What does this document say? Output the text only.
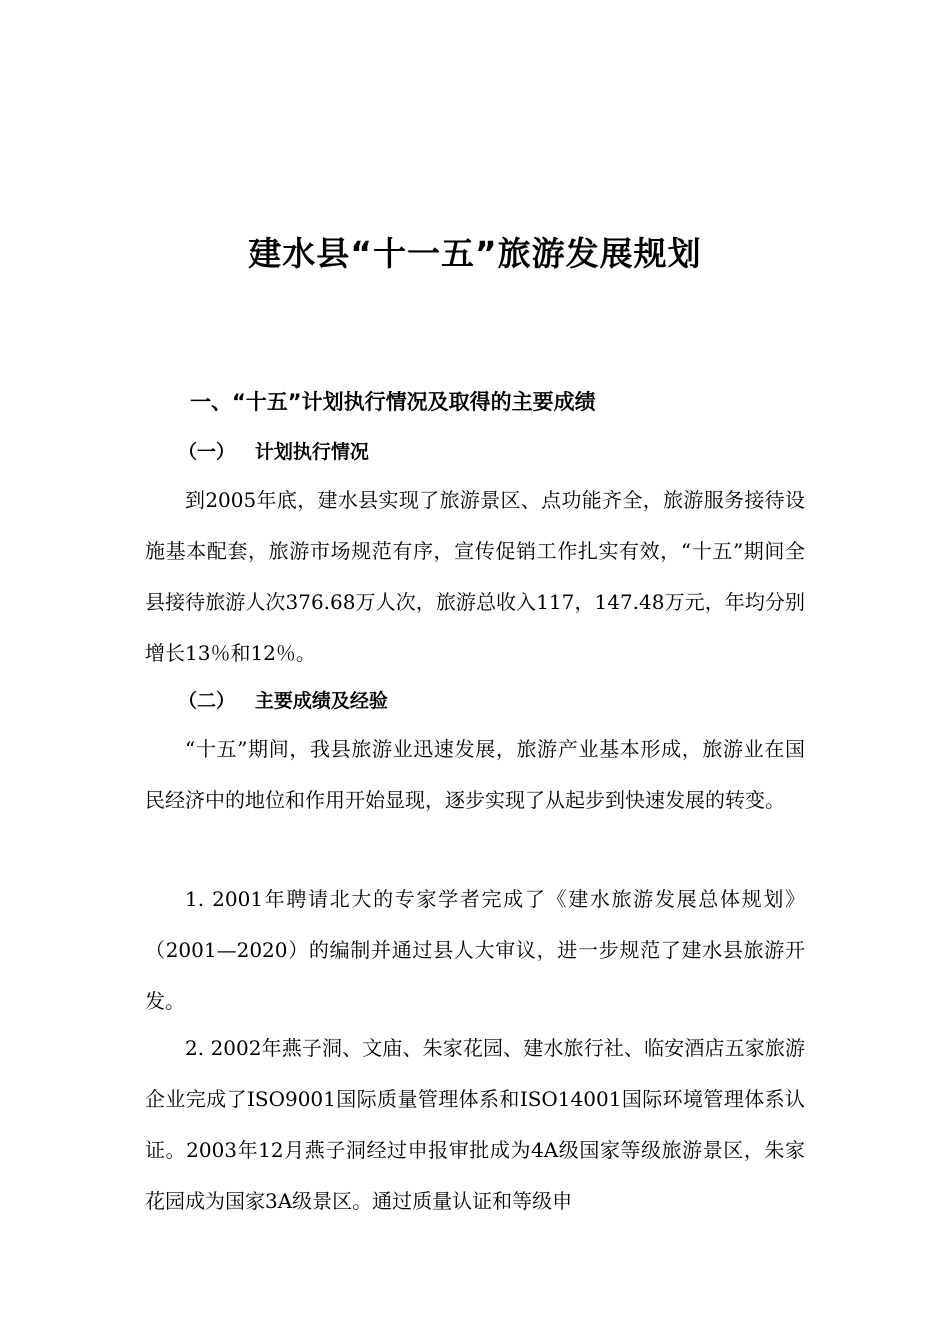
建水县“十一五”旅游发展规划
一、“十五”计划执行情况及取得的主要成绩
（一）   计划执行情况
到2005年底，建水县实现了旅游景区、点功能齐全，旅游服务接待设施基本配套，旅游市场规范有序，宣传促销工作扎实有效，“十五”期间全县接待旅游人次376.68万人次，旅游总收入117，147.48万元，年均分别增长13％和12％。
（二）   主要成绩及经验
“十五”期间，我县旅游业迅速发展，旅游产业基本形成，旅游业在国民经济中的地位和作用开始显现，逐步实现了从起步到快速发展的转变。
1. 2001年聘请北大的专家学者完成了《建水旅游发展总体规划》（2001—2020）的编制并通过县人大审议，进一步规范了建水县旅游开发。
2. 2002年燕子洞、文庙、朱家花园、建水旅行社、临安酒店五家旅游企业完成了ISO9001国际质量管理体系和ISO14001国际环境管理体系认证。2003年12月燕子洞经过申报审批成为4A级国家等级旅游景区，朱家花园成为国家3A级景区。通过质量认证和等级申
